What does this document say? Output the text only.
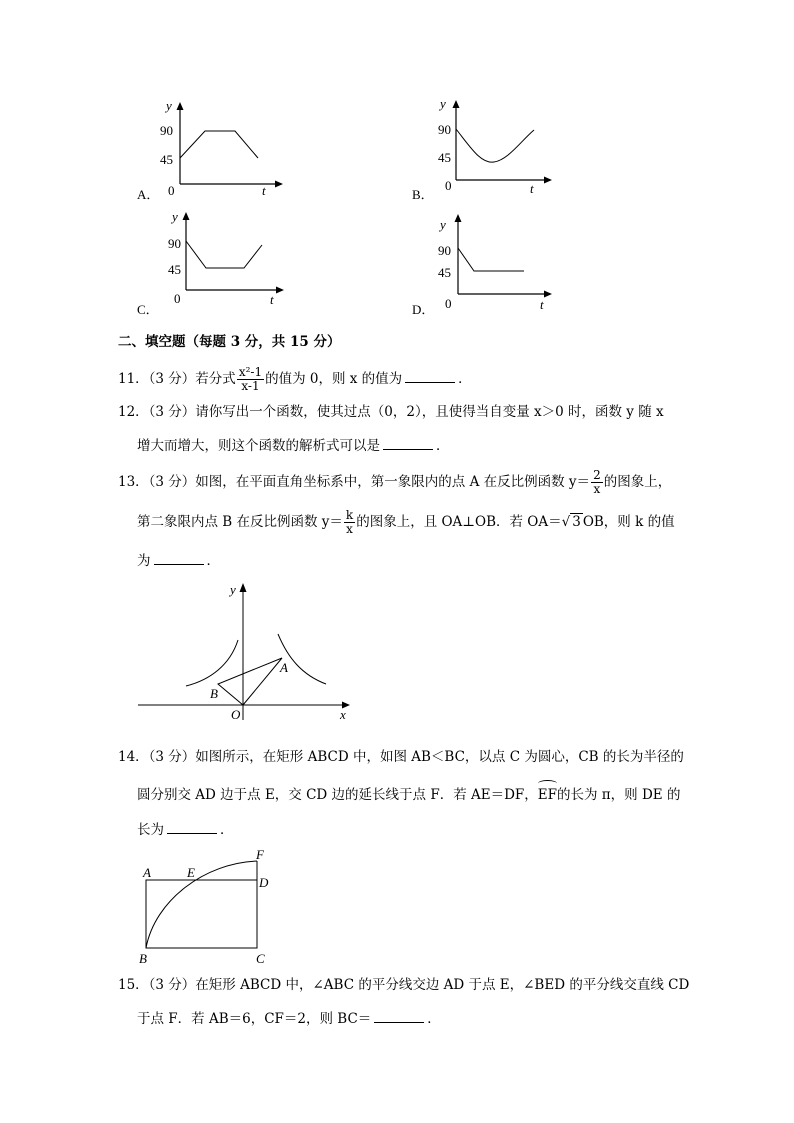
A．
y
t
0
90
45
B．
y
t
0
90
45
C．
y
t
0
90
45
D．
y
t
0
90
45
二、填空题（每题 3 分，共 15 分）
11．（3 分）若分式 $\frac{\text{x²-1}}{x-1}$ 的值为 0，则 x 的值为	．
12．（3 分）请你写出一个函数，使其过点（0，2），且使得当自变量 x＞0 时，函数 y 随 x
增大而增大，则这个函数的解析式可以是	．
13．（3 分）如图，在平面直角坐标系中，第一象限内的点 A 在反比例函数 $y= \frac{2}{x}$ 的图象上，
第二象限内点 B 在反比例函数 $y= \frac{k}{x}$ 的图象上，且 OA⊥OB．若 OA＝√ 3 OB，则 k 的值
为	．
y
x
O
A
B
14．（3 分）如图所示，在矩形 ABCD 中，如图 AB＜BC，以点 C 为圆心，CB 的长为半径的
圆分别交 AD 边于点 E，交 CD 边的延长线于点 F．若 AE＝DF，
EF的长为 π，则 DE 的
长为	．
A	E
F
D
B	C
15．（3 分）在矩形 ABCD 中，∠ABC 的平分线交边 AD 于点 E，∠BED 的平分线交直线 CD
于点 F．若 AB＝6，CF＝2，则 BC＝	．
